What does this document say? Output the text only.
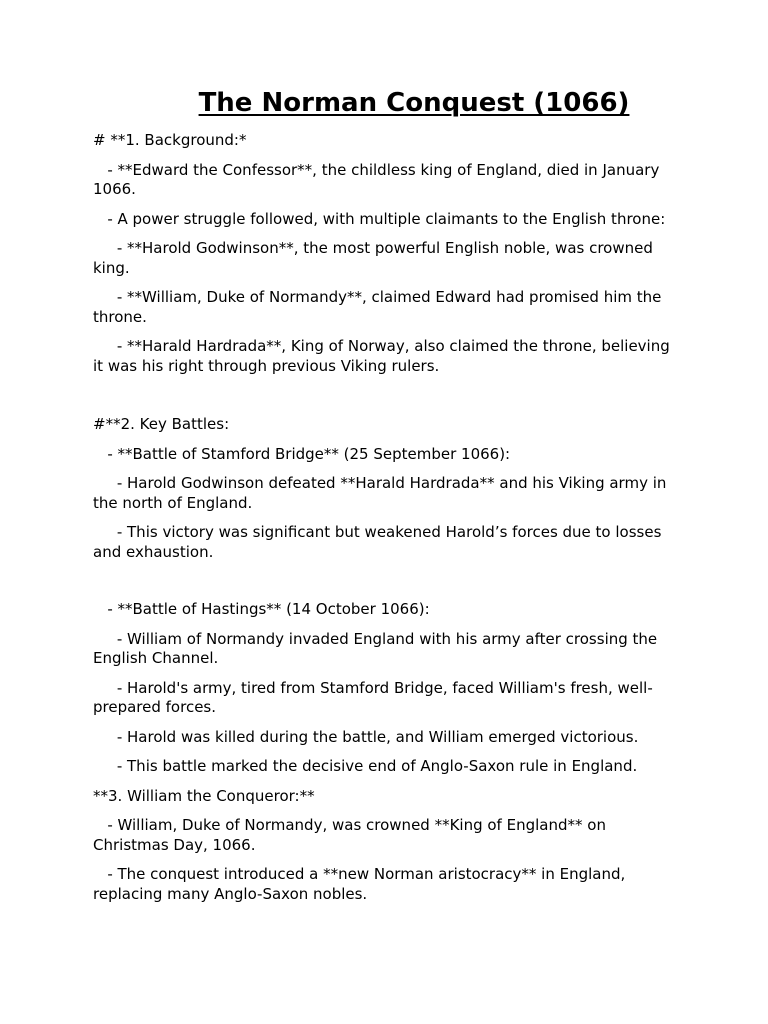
The Norman Conquest (1066)

# **1. Background:*

- **Edward the Confessor**, the childless king of England, died in January 1066.

- A power struggle followed, with multiple claimants to the English throne:

- **Harold Godwinson**, the most powerful English noble, was crowned king.

- **William, Duke of Normandy**, claimed Edward had promised him the throne.

- **Harald Hardrada**, King of Norway, also claimed the throne, believing it was his right through previous Viking rulers.

#**2. Key Battles:

- **Battle of Stamford Bridge** (25 September 1066):

- Harold Godwinson defeated **Harald Hardrada** and his Viking army in the north of England.

- This victory was significant but weakened Harold’s forces due to losses and exhaustion.

- **Battle of Hastings** (14 October 1066):

- William of Normandy invaded England with his army after crossing the English Channel.

- Harold's army, tired from Stamford Bridge, faced William's fresh, well-prepared forces.

- Harold was killed during the battle, and William emerged victorious.

- This battle marked the decisive end of Anglo-Saxon rule in England.

**3. William the Conqueror:**

- William, Duke of Normandy, was crowned **King of England** on Christmas Day, 1066.

- The conquest introduced a **new Norman aristocracy** in England, replacing many Anglo-Saxon nobles.
